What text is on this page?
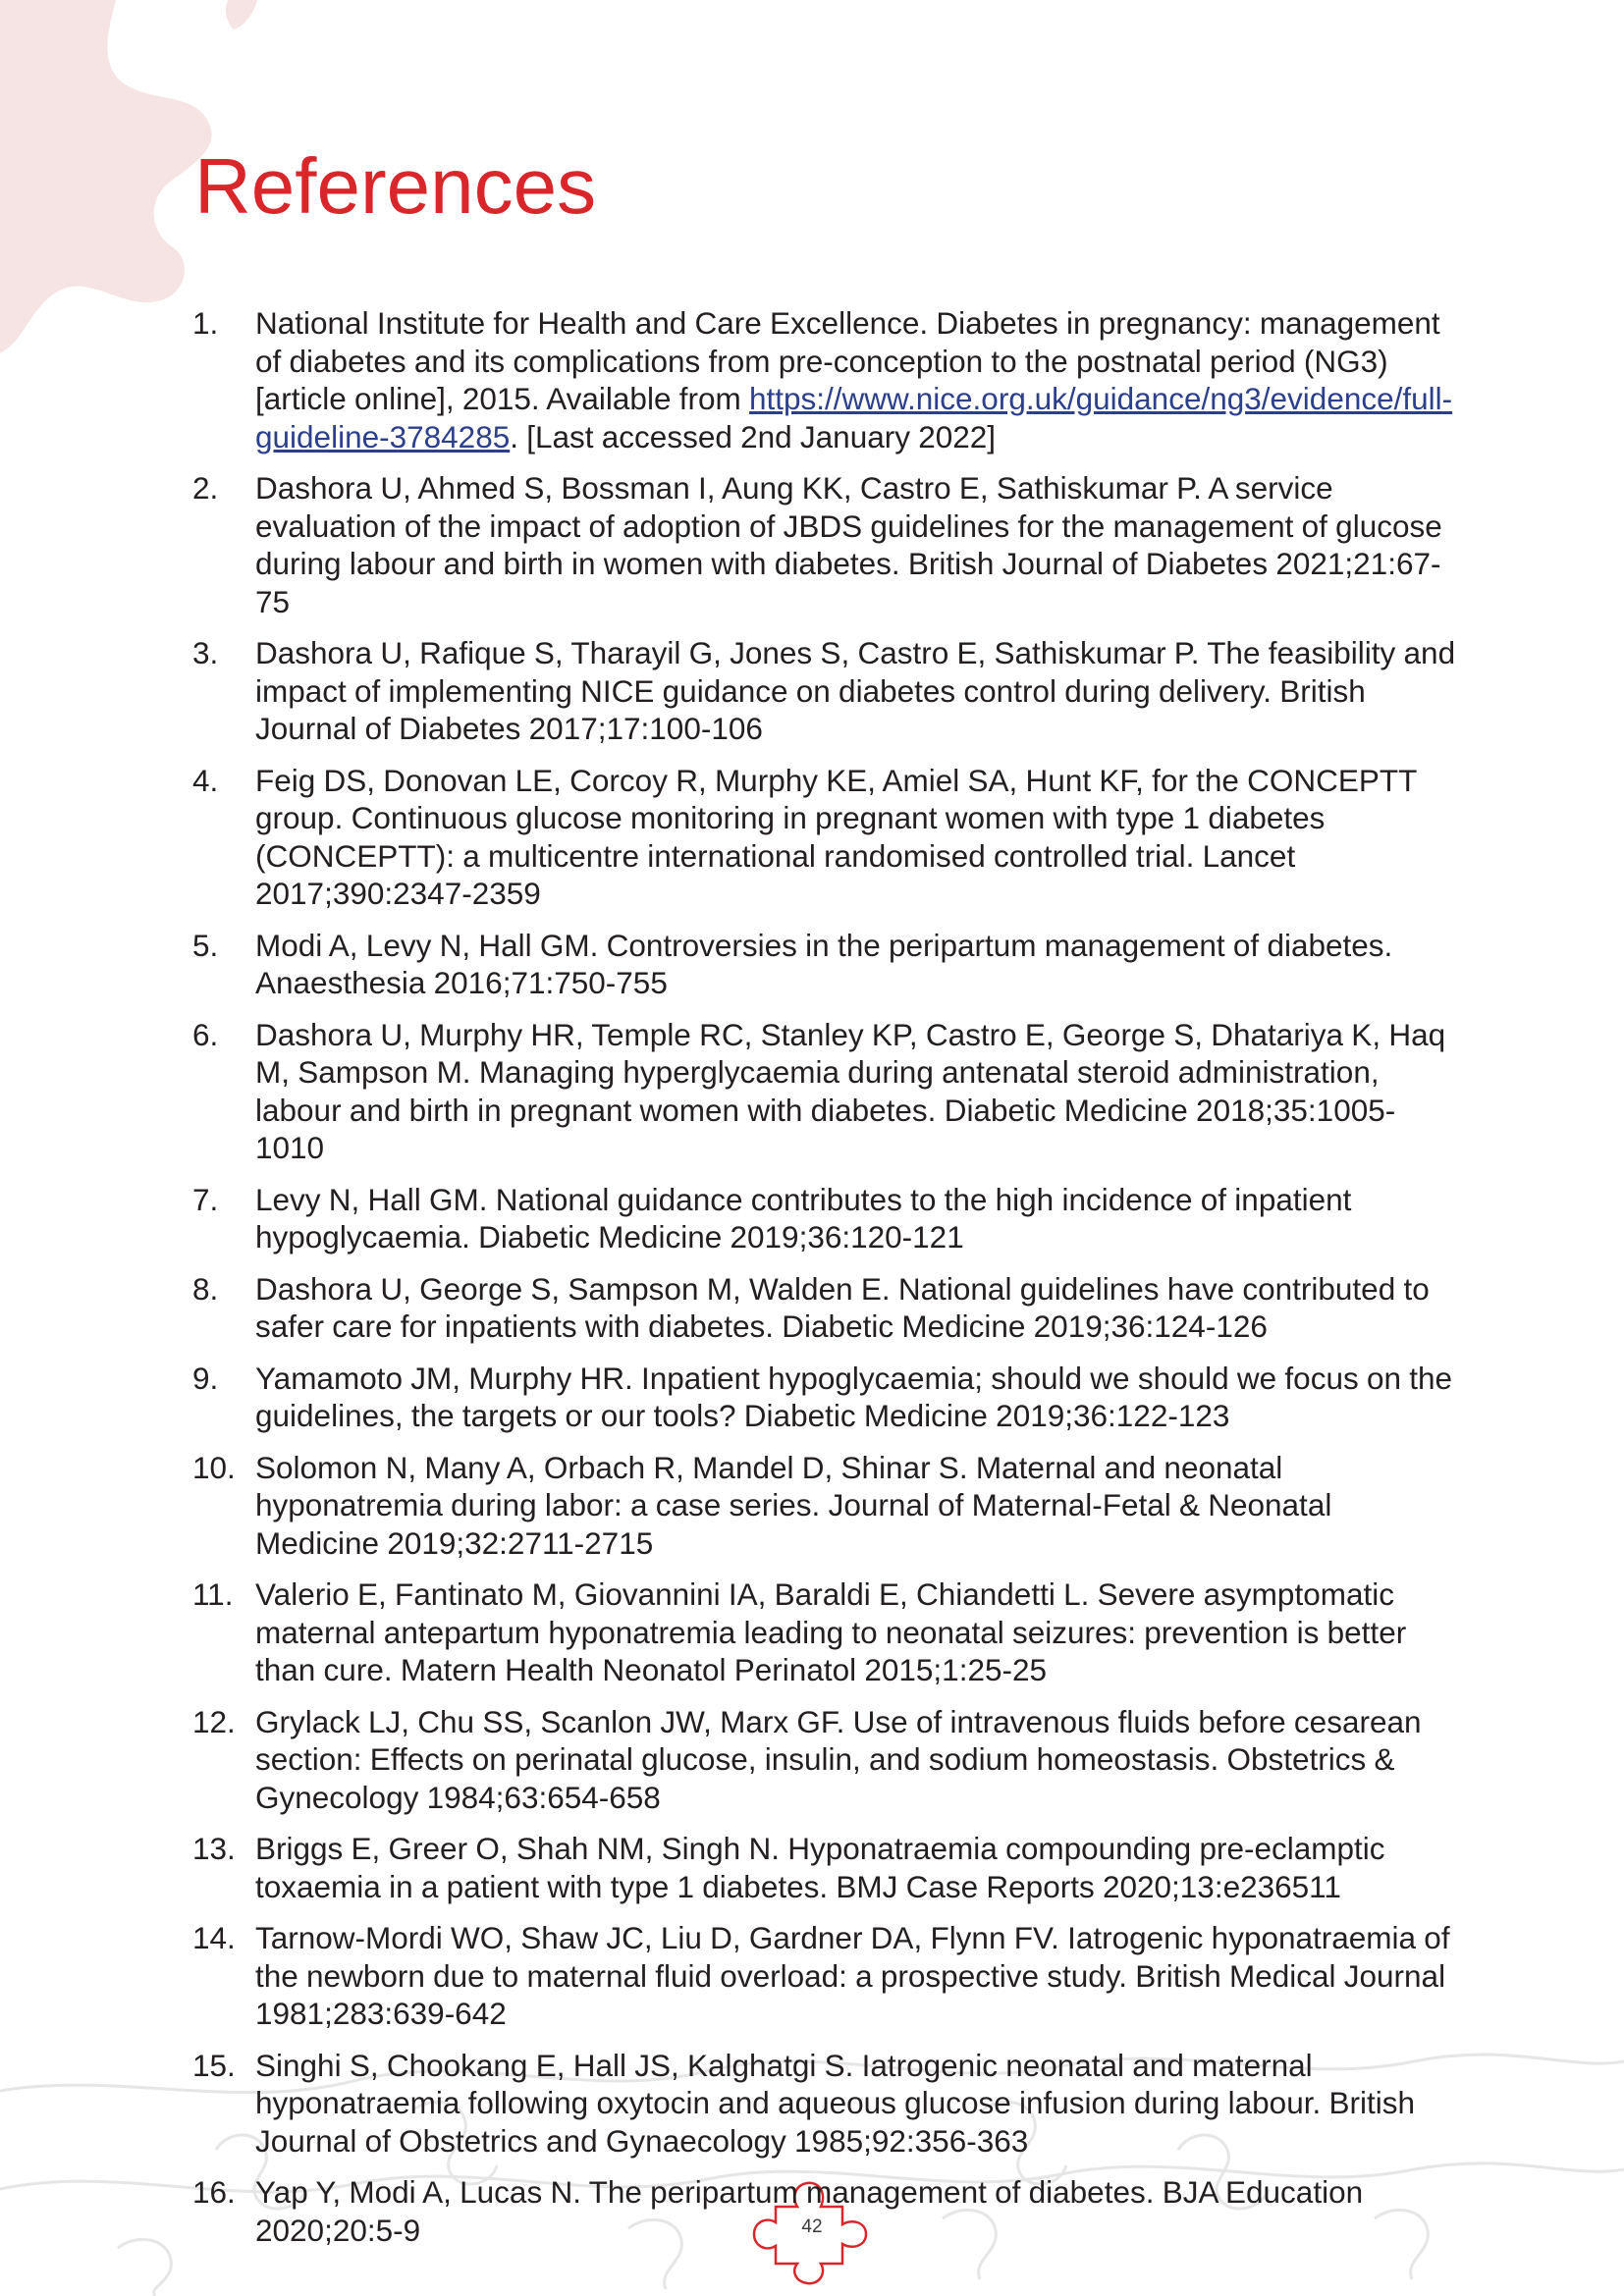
References
1. National Institute for Health and Care Excellence. Diabetes in pregnancy: management of diabetes and its complications from pre-conception to the postnatal period (NG3) [article online], 2015. Available from https://www.nice.org.uk/guidance/ng3/evidence/full-guideline-3784285. [Last accessed 2nd January 2022]
2. Dashora U, Ahmed S, Bossman I, Aung KK, Castro E, Sathiskumar P. A service evaluation of the impact of adoption of JBDS guidelines for the management of glucose during labour and birth in women with diabetes. British Journal of Diabetes 2021;21:67-75
3. Dashora U, Rafique S, Tharayil G, Jones S, Castro E, Sathiskumar P. The feasibility and impact of implementing NICE guidance on diabetes control during delivery. British Journal of Diabetes 2017;17:100-106
4. Feig DS, Donovan LE, Corcoy R, Murphy KE, Amiel SA, Hunt KF, for the CONCEPTT group. Continuous glucose monitoring in pregnant women with type 1 diabetes (CONCEPTT): a multicentre international randomised controlled trial. Lancet 2017;390:2347-2359
5. Modi A, Levy N, Hall GM. Controversies in the peripartum management of diabetes. Anaesthesia 2016;71:750-755
6. Dashora U, Murphy HR, Temple RC, Stanley KP, Castro E, George S, Dhatariya K, Haq M, Sampson M. Managing hyperglycaemia during antenatal steroid administration, labour and birth in pregnant women with diabetes. Diabetic Medicine 2018;35:1005-1010
7. Levy N, Hall GM. National guidance contributes to the high incidence of inpatient hypoglycaemia. Diabetic Medicine 2019;36:120-121
8. Dashora U, George S, Sampson M, Walden E. National guidelines have contributed to safer care for inpatients with diabetes. Diabetic Medicine 2019;36:124-126
9. Yamamoto JM, Murphy HR. Inpatient hypoglycaemia; should we should we focus on the guidelines, the targets or our tools? Diabetic Medicine 2019;36:122-123
10. Solomon N, Many A, Orbach R, Mandel D, Shinar S. Maternal and neonatal hyponatremia during labor: a case series. Journal of Maternal-Fetal & Neonatal Medicine 2019;32:2711-2715
11. Valerio E, Fantinato M, Giovannini IA, Baraldi E, Chiandetti L. Severe asymptomatic maternal antepartum hyponatremia leading to neonatal seizures: prevention is better than cure. Matern Health Neonatol Perinatol 2015;1:25-25
12. Grylack LJ, Chu SS, Scanlon JW, Marx GF. Use of intravenous fluids before cesarean section: Effects on perinatal glucose, insulin, and sodium homeostasis. Obstetrics & Gynecology 1984;63:654-658
13. Briggs E, Greer O, Shah NM, Singh N. Hyponatraemia compounding pre-eclamptic toxaemia in a patient with type 1 diabetes. BMJ Case Reports 2020;13:e236511
14. Tarnow-Mordi WO, Shaw JC, Liu D, Gardner DA, Flynn FV. Iatrogenic hyponatraemia of the newborn due to maternal fluid overload: a prospective study. British Medical Journal 1981;283:639-642
15. Singhi S, Chookang E, Hall JS, Kalghatgi S. Iatrogenic neonatal and maternal hyponatraemia following oxytocin and aqueous glucose infusion during labour. British Journal of Obstetrics and Gynaecology 1985;92:356-363
16. Yap Y, Modi A, Lucas N. The peripartum management of diabetes. BJA Education 2020;20:5-9	42
